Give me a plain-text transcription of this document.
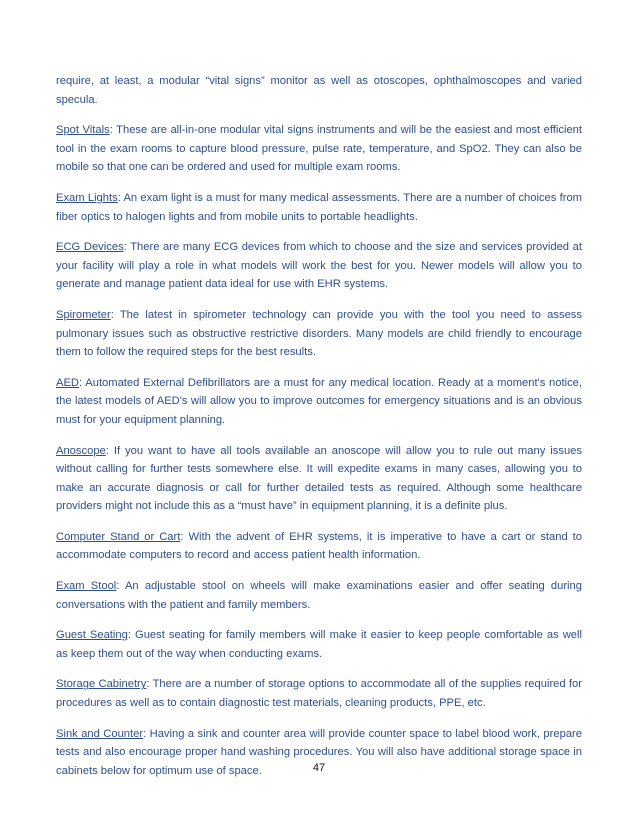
require, at least, a modular “vital signs” monitor as well as otoscopes, ophthalmoscopes and varied specula.

Spot Vitals: These are all-in-one modular vital signs instruments and will be the easiest and most efficient tool in the exam rooms to capture blood pressure, pulse rate, temperature, and SpO2. They can also be mobile so that one can be ordered and used for multiple exam rooms.

Exam Lights: An exam light is a must for many medical assessments. There are a number of choices from fiber optics to halogen lights and from mobile units to portable headlights.

ECG Devices: There are many ECG devices from which to choose and the size and services provided at your facility will play a role in what models will work the best for you. Newer models will allow you to generate and manage patient data ideal for use with EHR systems.

Spirometer: The latest in spirometer technology can provide you with the tool you need to assess pulmonary issues such as obstructive restrictive disorders. Many models are child friendly to encourage them to follow the required steps for the best results.

AED: Automated External Defibrillators are a must for any medical location. Ready at a moment's notice, the latest models of AED's will allow you to improve outcomes for emergency situations and is an obvious must for your equipment planning.

Anoscope: If you want to have all tools available an anoscope will allow you to rule out many issues without calling for further tests somewhere else. It will expedite exams in many cases, allowing you to make an accurate diagnosis or call for further detailed tests as required. Although some healthcare providers might not include this as a “must have” in equipment planning, it is a definite plus.

Computer Stand or Cart: With the advent of EHR systems, it is imperative to have a cart or stand to accommodate computers to record and access patient health information.

Exam Stool: An adjustable stool on wheels will make examinations easier and offer seating during conversations with the patient and family members.

Guest Seating: Guest seating for family members will make it easier to keep people comfortable as well as keep them out of the way when conducting exams.

Storage Cabinetry: There are a number of storage options to accommodate all of the supplies required for procedures as well as to contain diagnostic test materials, cleaning products, PPE, etc.

Sink and Counter: Having a sink and counter area will provide counter space to label blood work, prepare tests and also encourage proper hand washing procedures. You will also have additional storage space in cabinets below for optimum use of space.	47
